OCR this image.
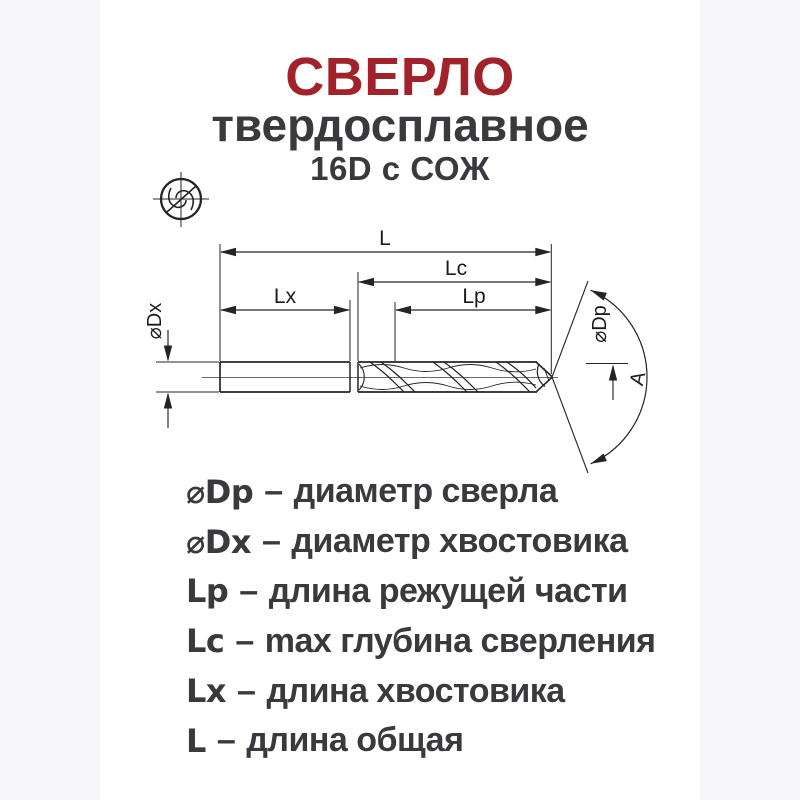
СВЕРЛО
твердосплавное
16D с СОЖ
L
Lc
Lx	Lp
⌀Dx	⌀Dp
A
⌀Dp – диаметр сверла
⌀Dx – диаметр хвостовика
Lp – длина режущей части
Lc – max глубина сверления
Lx – длина хвостовика
L – длина общая
